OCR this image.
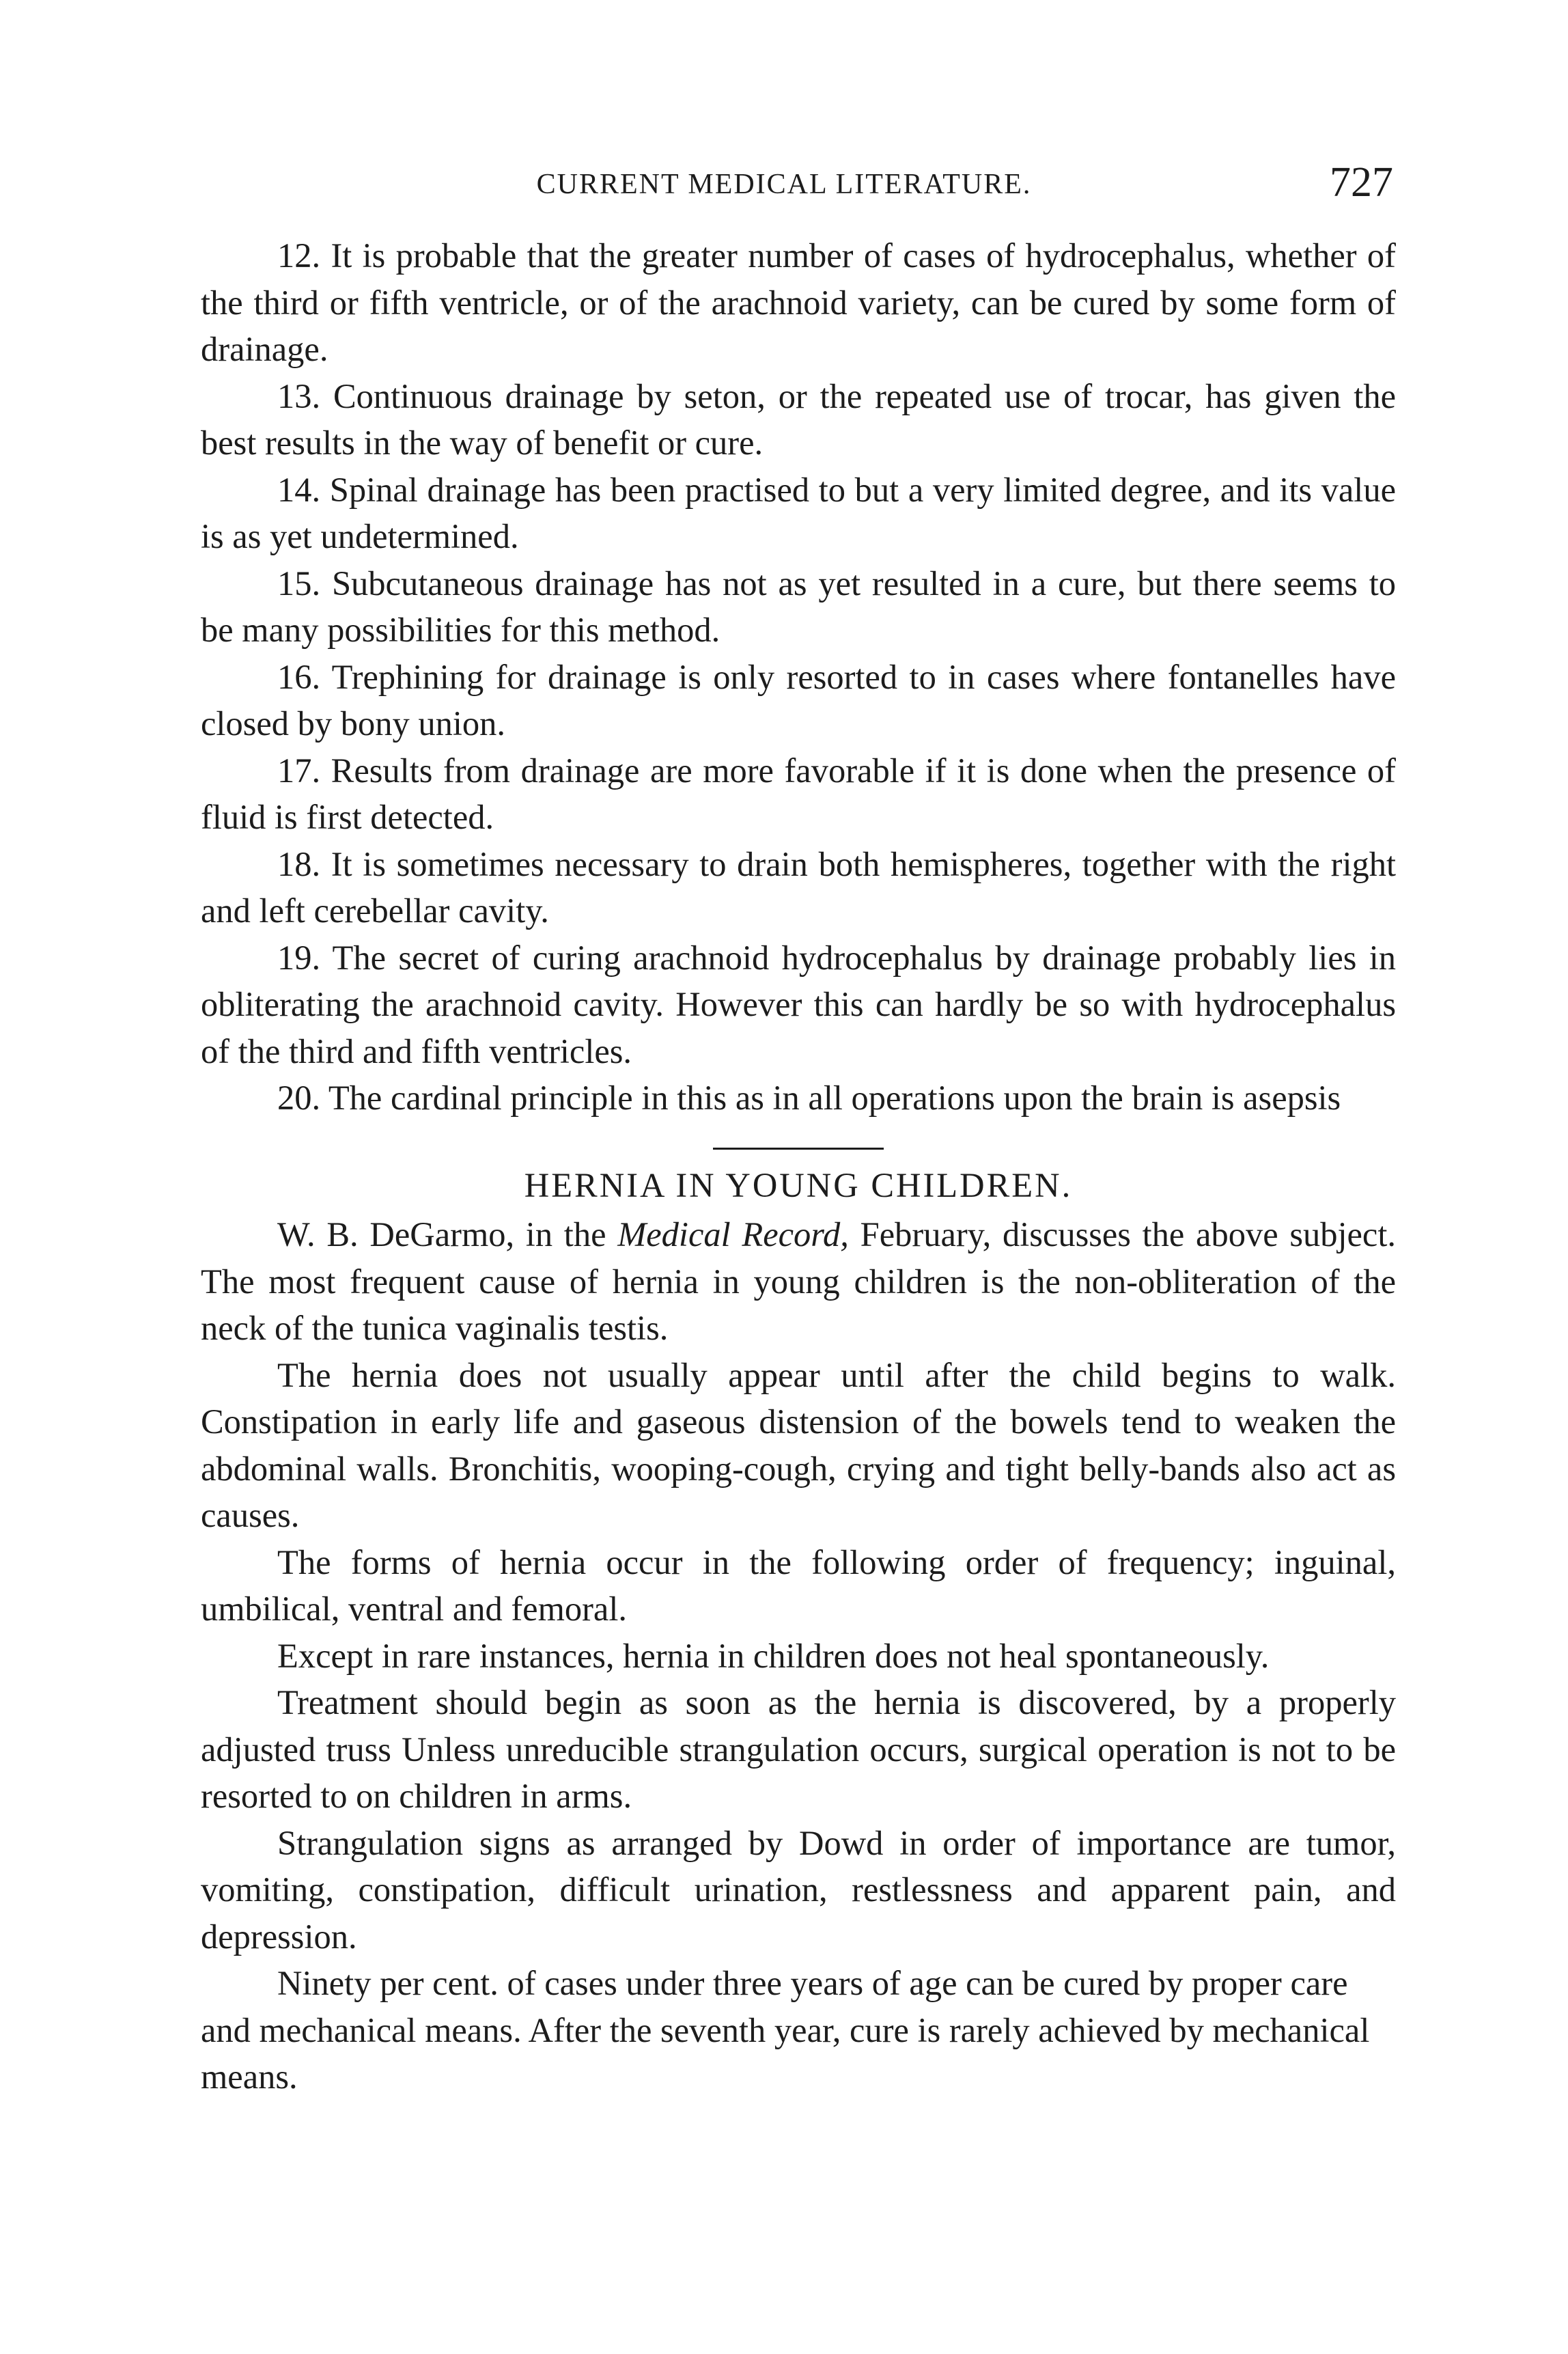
CURRENT MEDICAL LITERATURE.	727

12. It is probable that the greater number of cases of hydrocephalus, whether of the third or fifth ventricle, or of the arachnoid variety, can be cured by some form of drainage.

13. Continuous drainage by seton, or the repeated use of trocar, has given the best results in the way of benefit or cure.

14. Spinal drainage has been practised to but a very limited degree, and its value is as yet undetermined.

15. Subcutaneous drainage has not as yet resulted in a cure, but there seems to be many possibilities for this method.

16. Trephining for drainage is only resorted to in cases where fontanelles have closed by bony union.

17. Results from drainage are more favorable if it is done when the presence of fluid is first detected.

18. It is sometimes necessary to drain both hemispheres, together with the right and left cerebellar cavity.

19. The secret of curing arachnoid hydrocephalus by drainage probably lies in obliterating the arachnoid cavity. However this can hardly be so with hydrocephalus of the third and fifth ventricles.

20. The cardinal principle in this as in all operations upon the brain is asepsis

HERNIA IN YOUNG CHILDREN.

W. B. DeGarmo, in the Medical Record, February, discusses the above subject. The most frequent cause of hernia in young children is the non-obliteration of the neck of the tunica vaginalis testis.

The hernia does not usually appear until after the child begins to walk. Constipation in early life and gaseous distension of the bowels tend to weaken the abdominal walls. Bronchitis, wooping-cough, crying and tight belly-bands also act as causes.

The forms of hernia occur in the following order of frequency; inguinal, umbilical, ventral and femoral.

Except in rare instances, hernia in children does not heal spontaneously.

Treatment should begin as soon as the hernia is discovered, by a properly adjusted truss Unless unreducible strangulation occurs, surgical operation is not to be resorted to on children in arms.

Strangulation signs as arranged by Dowd in order of importance are tumor, vomiting, constipation, difficult urination, restlessness and apparent pain, and depression.

Ninety per cent. of cases under three years of age can be cured by proper care and mechanical means. After the seventh year, cure is rarely achieved by mechanical means.
